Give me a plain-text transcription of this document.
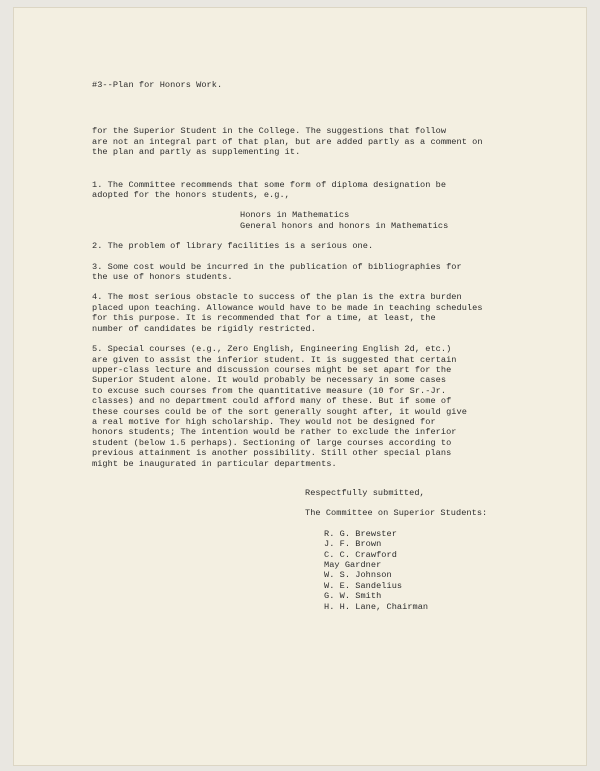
#3--Plan for Honors Work.
for the Superior Student in the College. The suggestions that follow
are not an integral part of that plan, but are added partly as a comment on
the plan and partly as supplementing it.
1. The Committee recommends that some form of diploma designation be
adopted for the honors students, e.g.,
Honors in Mathematics
General honors and honors in Mathematics
2. The problem of library facilities is a serious one.
3. Some cost would be incurred in the publication of bibliographies for
the use of honors students.
4. The most serious obstacle to success of the plan is the extra burden
placed upon teaching. Allowance would have to be made in teaching schedules
for this purpose. It is recommended that for a time, at least, the
number of candidates be rigidly restricted.
5. Special courses (e.g., Zero English, Engineering English 2d, etc.)
are given to assist the inferior student. It is suggested that certain
upper-class lecture and discussion courses might be set apart for the
Superior Student alone. It would probably be necessary in some cases
to excuse such courses from the quantitative measure (10 for Sr.-Jr.
classes) and no department could afford many of these. But if some of
these courses could be of the sort generally sought after, it would give
a real motive for high scholarship. They would not be designed for
honors students; The intention would be rather to exclude the inferior
student (below 1.5 perhaps). Sectioning of large courses according to
previous attainment is another possibility. Still other special plans
might be inaugurated in particular departments.
Respectfully submitted,
The Committee on Superior Students:
R. G. Brewster
J. F. Brown
C. C. Crawford
May Gardner
W. S. Johnson
W. E. Sandelius
G. W. Smith
H. H. Lane, Chairman
